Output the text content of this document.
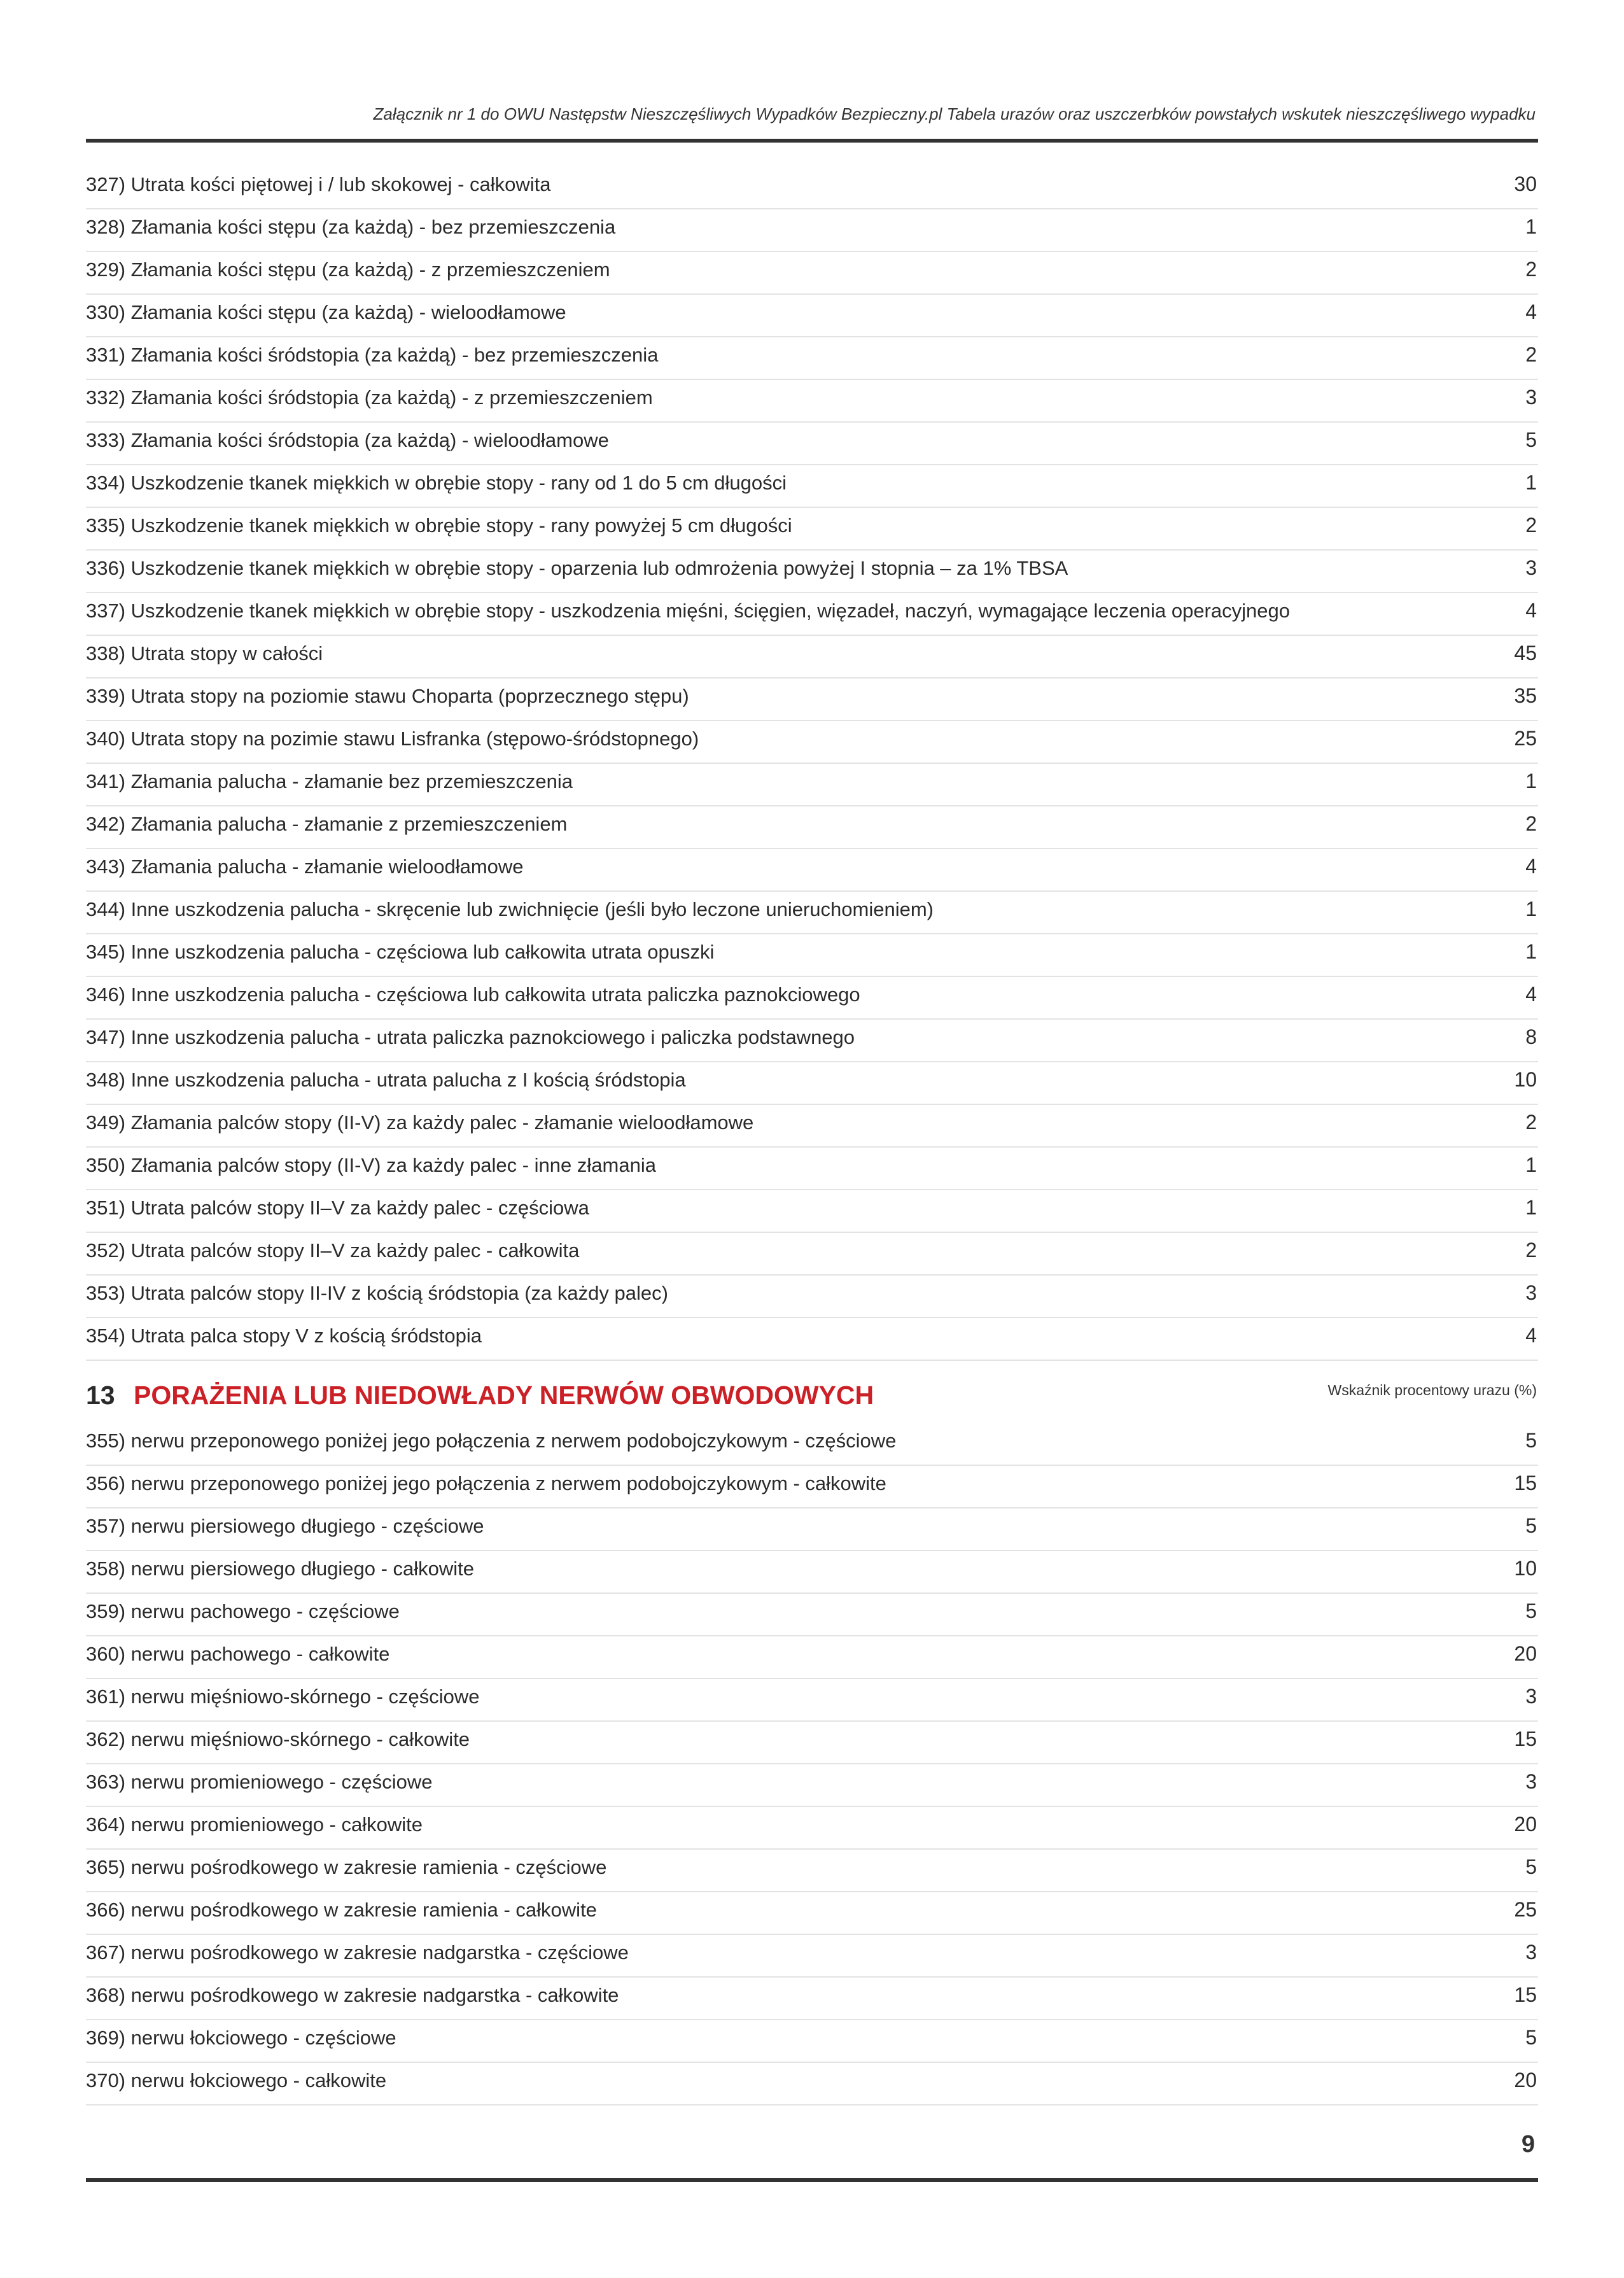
Załącznik nr 1 do OWU Następstw Nieszczęśliwych Wypadków Bezpieczny.pl Tabela urazów oraz uszczerbków powstałych wskutek nieszczęśliwego wypadku
327) Utrata kości piętowej i / lub skokowej - całkowita	30
328) Złamania kości stępu (za każdą) - bez przemieszczenia	1
329) Złamania kości stępu (za każdą) - z przemieszczeniem	2
330) Złamania kości stępu (za każdą) - wieloodłamowe	4
331) Złamania kości śródstopia (za każdą) - bez przemieszczenia	2
332) Złamania kości śródstopia (za każdą) - z przemieszczeniem	3
333) Złamania kości śródstopia (za każdą) - wieloodłamowe	5
334) Uszkodzenie tkanek miękkich w obrębie stopy - rany od 1 do 5 cm długości	1
335) Uszkodzenie tkanek miękkich w obrębie stopy - rany powyżej 5 cm długości	2
336) Uszkodzenie tkanek miękkich w obrębie stopy - oparzenia lub odmrożenia powyżej I stopnia – za 1% TBSA	3
337) Uszkodzenie tkanek miękkich w obrębie stopy - uszkodzenia mięśni, ścięgien, więzadeł, naczyń, wymagające leczenia operacyjnego	4
338) Utrata stopy w całości	45
339) Utrata stopy na poziomie stawu Choparta (poprzecznego stępu)	35
340) Utrata stopy na pozimie stawu Lisfranka (stępowo-śródstopnego)	25
341) Złamania palucha - złamanie bez przemieszczenia	1
342) Złamania palucha - złamanie z przemieszczeniem	2
343) Złamania palucha - złamanie wieloodłamowe	4
344) Inne uszkodzenia palucha - skręcenie lub zwichnięcie (jeśli było leczone unieruchomieniem)	1
345) Inne uszkodzenia palucha - częściowa lub całkowita utrata opuszki	1
346) Inne uszkodzenia palucha - częściowa lub całkowita utrata paliczka paznokciowego	4
347) Inne uszkodzenia palucha - utrata paliczka paznokciowego i paliczka podstawnego	8
348) Inne uszkodzenia palucha - utrata palucha z I kością śródstopia	10
349) Złamania palców stopy (II-V) za każdy palec - złamanie wieloodłamowe	2
350) Złamania palców stopy (II-V) za każdy palec - inne złamania	1
351) Utrata palców stopy II–V za każdy palec - częściowa	1
352) Utrata palców stopy II–V za każdy palec - całkowita	2
353) Utrata palców stopy II-IV z kością śródstopia (za każdy palec)	3
354) Utrata palca stopy V z kością śródstopia	4
13 PORAŻENIA LUB NIEDOWŁADY NERWÓW OBWODOWYCH	Wskaźnik procentowy urazu (%)
355) nerwu przeponowego poniżej jego połączenia z nerwem podobojczykowym - częściowe	5
356) nerwu przeponowego poniżej jego połączenia z nerwem podobojczykowym - całkowite	15
357) nerwu piersiowego długiego - częściowe	5
358) nerwu piersiowego długiego - całkowite	10
359) nerwu pachowego - częściowe	5
360) nerwu pachowego - całkowite	20
361) nerwu mięśniowo-skórnego - częściowe	3
362) nerwu mięśniowo-skórnego - całkowite	15
363) nerwu promieniowego - częściowe	3
364) nerwu promieniowego - całkowite	20
365) nerwu pośrodkowego w zakresie ramienia - częściowe	5
366) nerwu pośrodkowego w zakresie ramienia - całkowite	25
367) nerwu pośrodkowego w zakresie nadgarstka - częściowe	3
368) nerwu pośrodkowego w zakresie nadgarstka - całkowite	15
369) nerwu łokciowego - częściowe	5
370) nerwu łokciowego - całkowite	20
9
